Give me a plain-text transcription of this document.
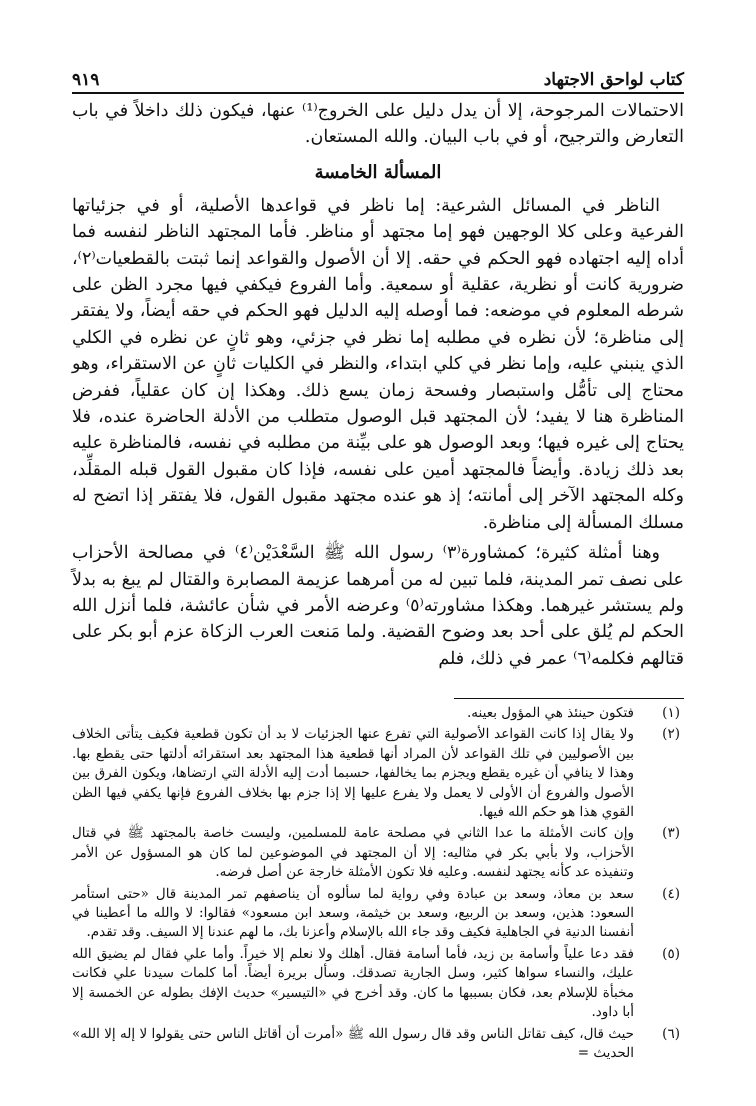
كتاب لواحق الاجتهاد
٩١٩

الاحتمالات المرجوحة، إلا أن يدل دليل على الخروج⁽¹⁾ عنها، فيكون ذلك داخلاً في باب التعارض والترجيح، أو في باب البيان. والله المستعان.

المسألة الخامسة

الناظر في المسائل الشرعية: إما ناظر في قواعدها الأصلية، أو في جزئياتها الفرعية وعلى كلا الوجهين فهو إما مجتهد أو مناظر. فأما المجتهد الناظر لنفسه فما أداه إليه اجتهاده فهو الحكم في حقه. إلا أن الأصول والقواعد إنما ثبتت بالقطعيات⁽٢⁾، ضرورية كانت أو نظرية، عقلية أو سمعية. وأما الفروع فيكفي فيها مجرد الظن على شرطه المعلوم في موضعه: فما أوصله إليه الدليل فهو الحكم في حقه أيضاً، ولا يفتقر إلى مناظرة؛ لأن نظره في مطلبه إما نظر في جزئي، وهو ثانٍ عن نظره في الكلي الذي ينبني عليه، وإما نظر في كلي ابتداء، والنظر في الكليات ثانٍ عن الاستقراء، وهو محتاج إلى تأمُّل واستبصار وفسحة زمان يسع ذلك. وهكذا إن كان عقلياً، ففرض المناظرة هنا لا يفيد؛ لأن المجتهد قبل الوصول متطلب من الأدلة الحاضرة عنده، فلا يحتاج إلى غيره فيها؛ وبعد الوصول هو على بيِّنة من مطلبه في نفسه، فالمناظرة عليه بعد ذلك زيادة. وأيضاً فالمجتهد أمين على نفسه، فإذا كان مقبول القول قبله المقلِّد، وكله المجتهد الآخر إلى أمانته؛ إذ هو عنده مجتهد مقبول القول، فلا يفتقر إذا اتضح له مسلك المسألة إلى مناظرة.

وهنا أمثلة كثيرة؛ كمشاورة⁽٣⁾ رسول الله ﷺ السَّعْدَيْن⁽٤⁾ في مصالحة الأحزاب على نصف تمر المدينة، فلما تبين له من أمرهما عزيمة المصابرة والقتال لم يبغ به بدلاً ولم يستشر غيرهما. وهكذا مشاورته⁽٥⁾ وعرضه الأمر في شأن عائشة، فلما أنزل الله الحكم لم يُلق على أحد بعد وضوح القضية. ولما مَنعت العرب الزكاة عزم أبو بكر على قتالهم فكلمه⁽٦⁾ عمر في ذلك، فلم

(١)
فتكون حينئذ هي المؤول بعينه.
(٢)
ولا يقال إذا كانت القواعد الأصولية التي تفرع عنها الجزئيات لا بد أن تكون قطعية فكيف يتأتى الخلاف بين الأصوليين في تلك القواعد لأن المراد أنها قطعية هذا المجتهد بعد استقرائه أدلتها حتى يقطع بها. وهذا لا ينافي أن غيره يقطع ويجزم بما يخالفها، حسبما أدت إليه الأدلة التي ارتضاها، ويكون الفرق بين الأصول والفروع أن الأولى لا يعمل ولا يفرع عليها إلا إذا جزم بها بخلاف الفروع فإنها يكفي فيها الظن القوي هذا هو حكم الله فيها.
(٣)
وإن كانت الأمثلة ما عدا الثاني في مصلحة عامة للمسلمين، وليست خاصة بالمجتهد ﷺ في قتال الأحزاب، ولا بأبي بكر في مثاليه: إلا أن المجتهد في الموضوعين لما كان هو المسؤول عن الأمر وتنفيذه عد كأنه يجتهد لنفسه. وعليه فلا تكون الأمثلة خارجة عن أصل فرضه.
(٤)
سعد بن معاذ، وسعد بن عبادة وفي رواية لما سألوه أن يناصفهم تمر المدينة قال «حتى استأمر السعود: هذين، وسعد بن الربيع، وسعد بن خيثمة، وسعد ابن مسعود» فقالوا: لا والله ما أعطينا في أنفسنا الدنية في الجاهلية فكيف وقد جاء الله بالإسلام وأعزنا بك، ما لهم عندنا إلا السيف. وقد تقدم.
(٥)
فقد دعا علياً وأسامة بن زيد، فأما أسامة فقال. أهلك ولا نعلم إلا خيراً. وأما علي فقال لم يضيق الله عليك، والنساء سواها كثير، وسل الجارية تصدقك. وسأل بريرة أيضاً. أما كلمات سيدنا علي فكانت مخبأة للإسلام بعد، فكان بسببها ما كان. وقد أخرج في «التيسير» حديث الإفك بطوله عن الخمسة إلا أبا داود.
(٦)
حيث قال، كيف تقاتل الناس وقد قال رسول الله ﷺ «أمرت أن أقاتل الناس حتى يقولوا لا إله إلا الله» الحديث =
